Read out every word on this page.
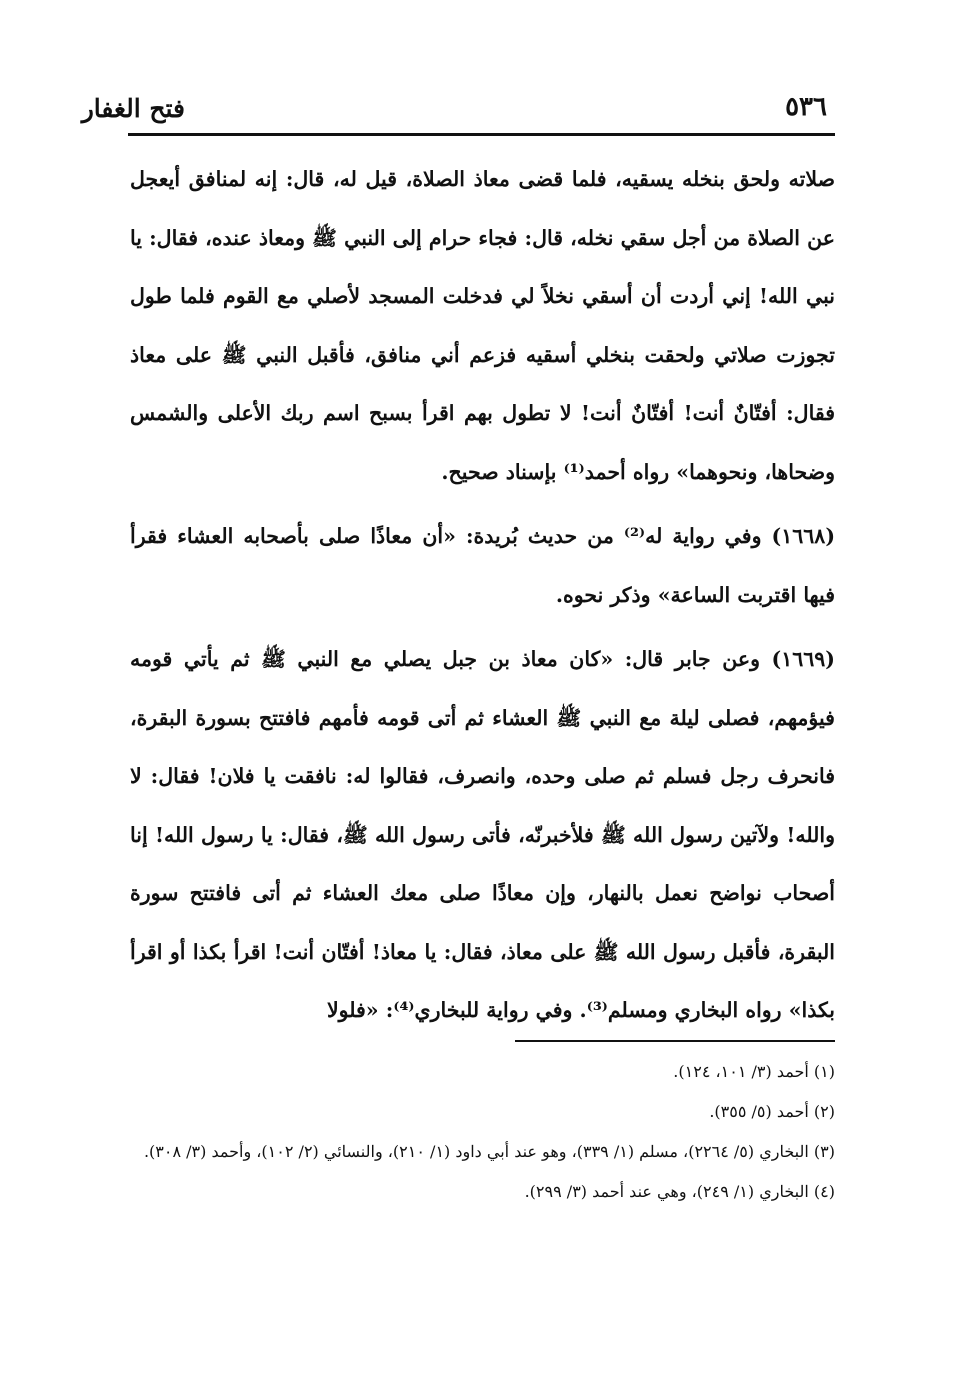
فتح الغفار	٥٣٦

صلاته ولحق بنخله يسقيه، فلما قضى معاذ الصلاة، قيل له، قال: إنه لمنافق أيعجل عن الصلاة من أجل سقي نخله، قال: فجاء حرام إلى النبي ﷺ ومعاذ عنده، فقال: يا نبي الله! إني أردت أن أسقي نخلاً لي فدخلت المسجد لأصلي مع القوم فلما طول تجوزت صلاتي ولحقت بنخلي أسقيه فزعم أني منافق، فأقبل النبي ﷺ على معاذ فقال: أفتّانٌ أنت! أفتّانٌ أنت! لا تطول بهم اقرأ بسبح اسم ربك الأعلى والشمس وضحاها، ونحوهما» رواه أحمد⁽¹⁾ بإسناد صحيح.

(١٦٦٨) وفي رواية له⁽²⁾ من حديث بُريدة: «أن معاذًا صلى بأصحابه العشاء فقرأ فيها اقتربت الساعة» وذكر نحوه.

(١٦٦٩) وعن جابر قال: «كان معاذ بن جبل يصلي مع النبي ﷺ ثم يأتي قومه فيؤمهم، فصلى ليلة مع النبي ﷺ العشاء ثم أتى قومه فأمهم فافتتح بسورة البقرة، فانحرف رجل فسلم ثم صلى وحده، وانصرف، فقالوا له: نافقت يا فلان! فقال: لا والله! ولآتين رسول الله ﷺ فلأخبرنّه، فأتى رسول الله ﷺ، فقال: يا رسول الله! إنا أصحاب نواضح نعمل بالنهار، وإن معاذًا صلى معك العشاء ثم أتى فافتتح سورة البقرة، فأقبل رسول الله ﷺ على معاذ، فقال: يا معاذ! أفتّان أنت! اقرأ بكذا أو اقرأ بكذا» رواه البخاري ومسلم⁽³⁾. وفي رواية للبخاري⁽⁴⁾: «فلولا

(١) أحمد (٣/ ١٠١، ١٢٤).

(٢) أحمد (٥/ ٣٥٥).

(٣) البخاري (٥/ ٢٢٦٤)، مسلم (١/ ٣٣٩)، وهو عند أبي داود (١/ ٢١٠)، والنسائي (٢/ ١٠٢)، وأحمد (٣/ ٣٠٨).

(٤) البخاري (١/ ٢٤٩)، وهي عند أحمد (٣/ ٢٩٩).
